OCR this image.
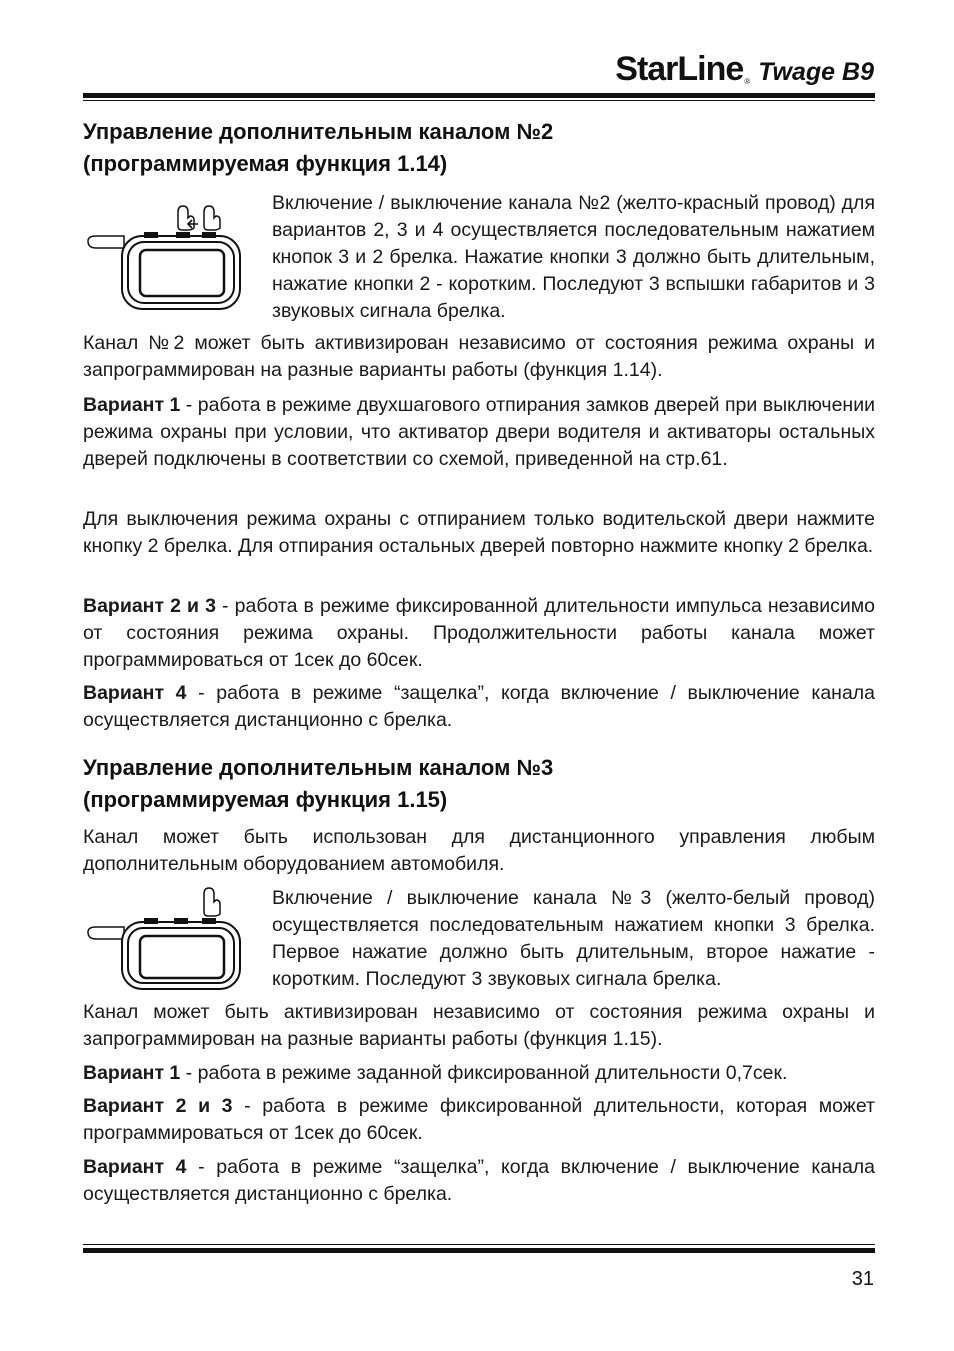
StarLine ® Twage B9
Управление дополнительным каналом №2
(программируемая функция 1.14)
Включение / выключение канала №2 (желто-красный провод) для вариантов 2, 3 и 4 осуществляется последовательным нажатием кнопок 3 и 2 брелка. Нажатие кнопки 3 должно быть длительным, нажатие кнопки 2 - коротким. Последуют 3 вспышки габаритов и 3 звуковых сигнала брелка.
Канал №2 может быть активизирован независимо от состояния режима охраны и запрограммирован на разные варианты работы (функция 1.14).
Вариант 1 - работа в режиме двухшагового отпирания замков дверей при выключении режима охраны при условии, что активатор двери водителя и активаторы остальных дверей подключены в соответствии со схемой, приведенной на стр.61.
Для выключения режима охраны с отпиранием только водительской двери нажмите кнопку 2 брелка. Для отпирания остальных дверей повторно нажмите кнопку 2 брелка.
Вариант 2 и 3 - работа в режиме фиксированной длительности импульса независимо от состояния режима охраны. Продолжительности работы канала может программироваться от 1сек до 60сек.
Вариант 4 - работа в режиме “защелка”, когда включение / выключение канала осуществляется дистанционно с брелка.
Управление дополнительным каналом №3
(программируемая функция 1.15)
Канал может быть использован для дистанционного управления любым дополнительным оборудованием автомобиля.
Включение / выключение канала №3 (желто-белый провод) осуществляется последовательным нажатием кнопки 3 брелка. Первое нажатие должно быть длительным, второе нажатие - коротким. Последуют 3 звуковых сигнала брелка.
Канал может быть активизирован независимо от состояния режима охраны и запрограммирован на разные варианты работы (функция 1.15).
Вариант 1 - работа в режиме заданной фиксированной длительности 0,7сек.
Вариант 2 и 3 - работа в режиме фиксированной длительности, которая может программироваться от 1сек до 60сек.
Вариант 4 - работа в режиме “защелка”, когда включение / выключение канала осуществляется дистанционно с брелка.
31
